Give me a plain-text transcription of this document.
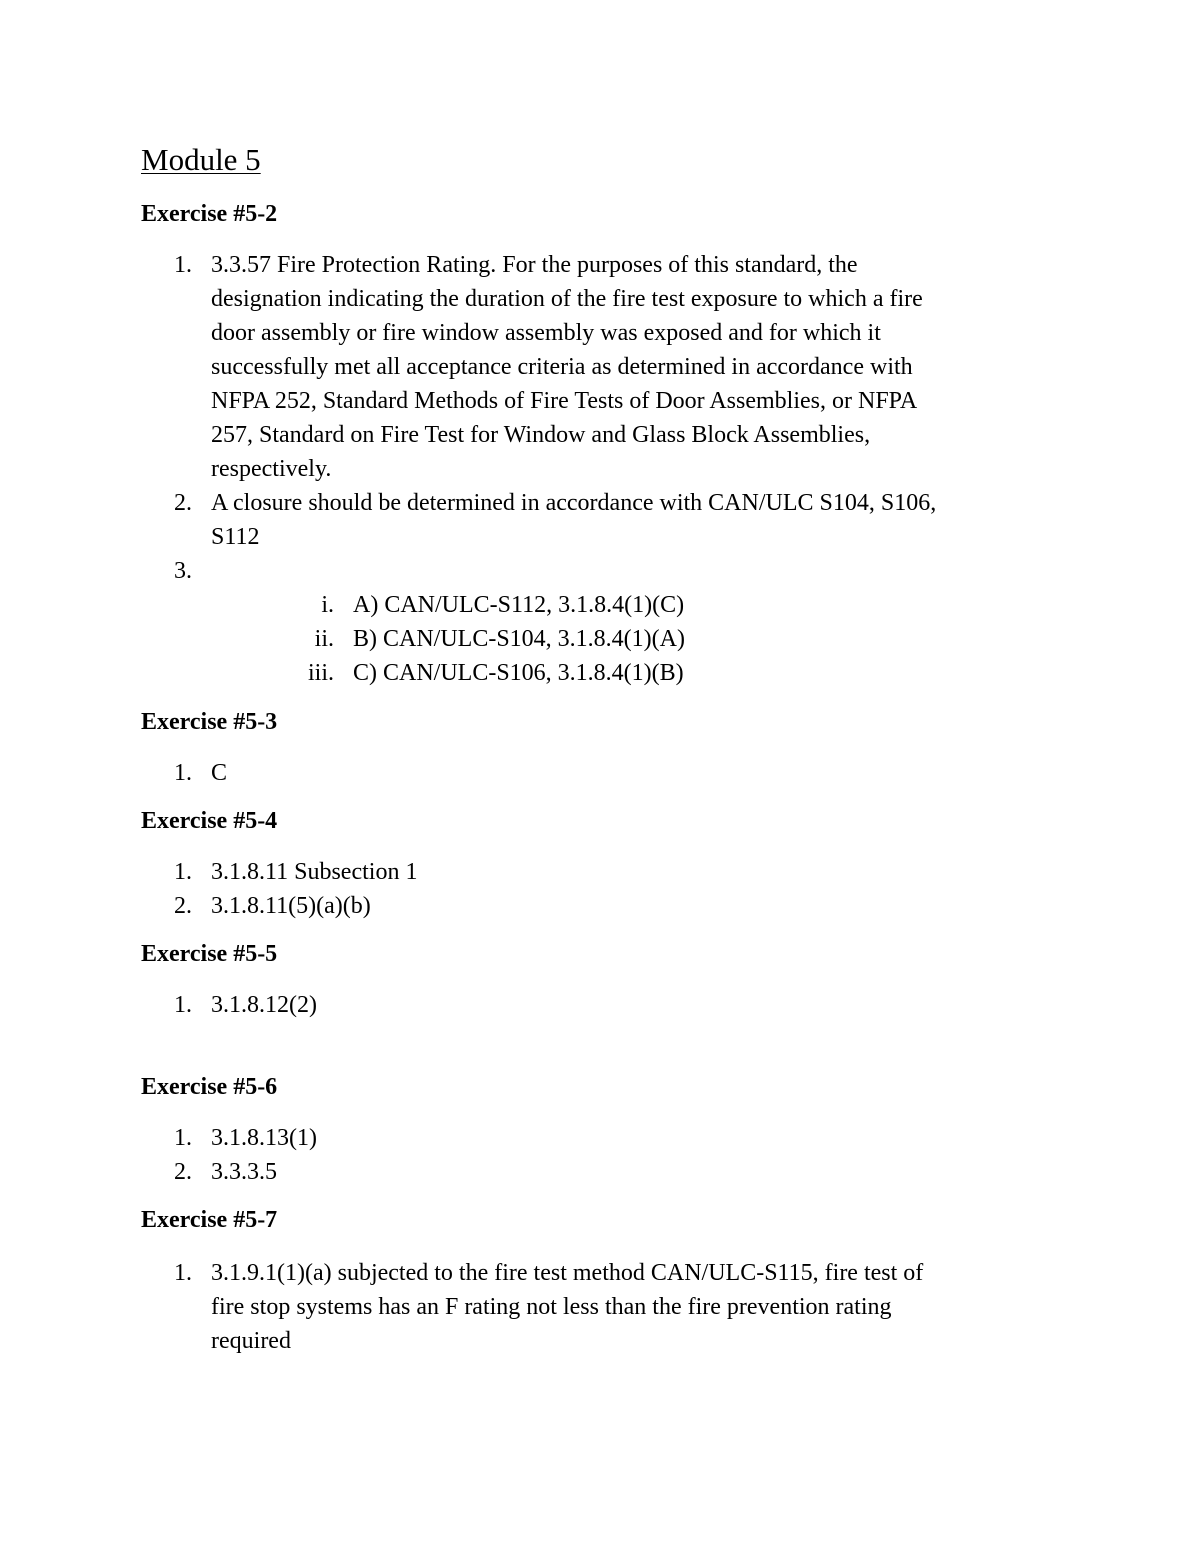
Module 5
Exercise #5-2
1. 3.3.57 Fire Protection Rating. For the purposes of this standard, the
designation indicating the duration of the fire test exposure to which a fire
door assembly or fire window assembly was exposed and for which it
successfully met all acceptance criteria as determined in accordance with
NFPA 252, Standard Methods of Fire Tests of Door Assemblies, or NFPA
257, Standard on Fire Test for Window and Glass Block Assemblies,
respectively.
2. A closure should be determined in accordance with CAN/ULC S104, S106,
S112
3.
i. A) CAN/ULC-S112, 3.1.8.4(1)(C)
ii. B) CAN/ULC-S104, 3.1.8.4(1)(A)
iii. C) CAN/ULC-S106, 3.1.8.4(1)(B)
Exercise #5-3
1. C
Exercise #5-4
1. 3.1.8.11 Subsection 1
2. 3.1.8.11(5)(a)(b)
Exercise #5-5
1. 3.1.8.12(2)
Exercise #5-6
1. 3.1.8.13(1)
2. 3.3.3.5
Exercise #5-7
1. 3.1.9.1(1)(a) subjected to the fire test method CAN/ULC-S115, fire test of
fire stop systems has an F rating not less than the fire prevention rating
required
